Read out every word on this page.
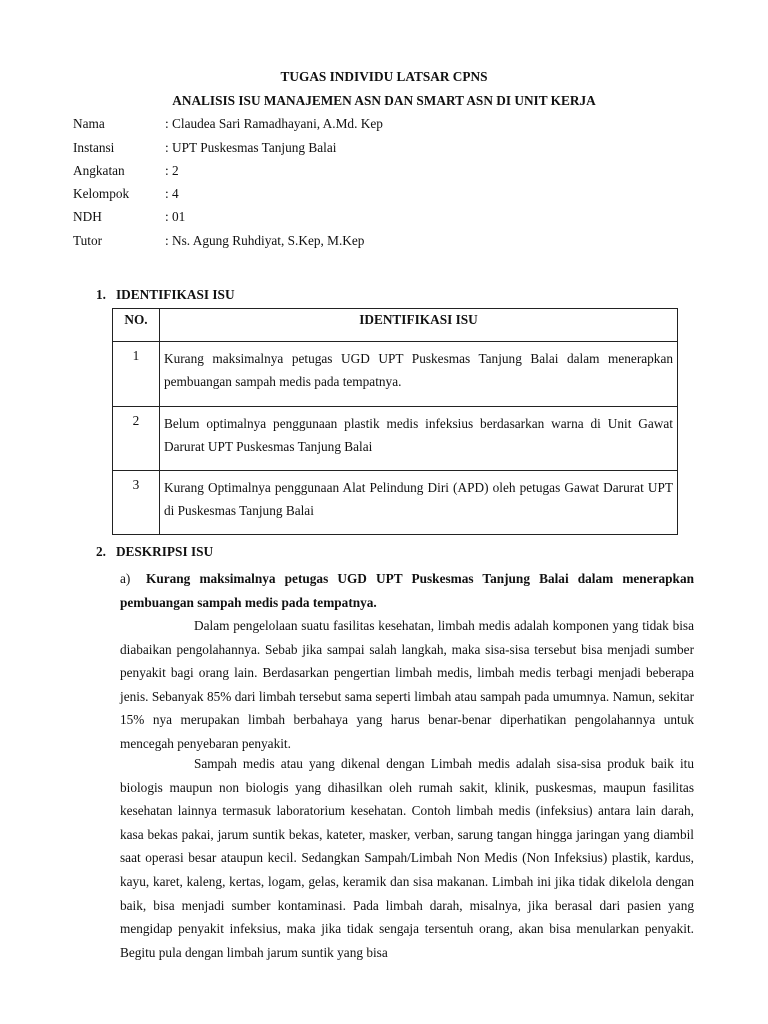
TUGAS INDIVIDU LATSAR CPNS
ANALISIS ISU MANAJEMEN ASN DAN SMART ASN DI UNIT KERJA
Nama	: Claudea Sari Ramadhayani, A.Md. Kep
Instansi	: UPT Puskesmas Tanjung Balai
Angkatan	: 2
Kelompok	: 4
NDH	: 01
Tutor	: Ns. Agung Ruhdiyat, S.Kep, M.Kep
1.   IDENTIFIKASI ISU
NO.	IDENTIFIKASI ISU
1	Kurang maksimalnya petugas UGD UPT Puskesmas Tanjung Balai dalam menerapkan pembuangan sampah medis pada tempatnya.
2	Belum optimalnya penggunaan plastik medis infeksius berdasarkan warna di Unit Gawat Darurat UPT Puskesmas Tanjung Balai
3	Kurang Optimalnya penggunaan Alat Pelindung Diri (APD) oleh petugas Gawat Darurat UPT di Puskesmas Tanjung Balai
2.   DESKRIPSI ISU
a) Kurang maksimalnya petugas UGD UPT Puskesmas Tanjung Balai dalam menerapkan pembuangan sampah medis pada tempatnya.
Dalam pengelolaan suatu fasilitas kesehatan, limbah medis adalah komponen yang tidak bisa diabaikan pengolahannya. Sebab jika sampai salah langkah, maka sisa-sisa tersebut bisa menjadi sumber penyakit bagi orang lain. Berdasarkan pengertian limbah medis, limbah medis terbagi menjadi beberapa jenis. Sebanyak 85% dari limbah tersebut sama seperti limbah atau sampah pada umumnya. Namun, sekitar 15% nya merupakan limbah berbahaya yang harus benar-benar diperhatikan pengolahannya untuk mencegah penyebaran penyakit.
Sampah medis atau yang dikenal dengan Limbah medis adalah sisa-sisa produk baik itu biologis maupun non biologis yang dihasilkan oleh rumah sakit, klinik, puskesmas, maupun fasilitas kesehatan lainnya termasuk laboratorium kesehatan. Contoh limbah medis (infeksius) antara lain darah, kasa bekas pakai, jarum suntik bekas, kateter, masker, verban, sarung tangan hingga jaringan yang diambil saat operasi besar ataupun kecil. Sedangkan Sampah/Limbah Non Medis (Non Infeksius) plastik, kardus, kayu, karet, kaleng, kertas, logam, gelas, keramik dan sisa makanan. Limbah ini jika tidak dikelola dengan baik, bisa menjadi sumber kontaminasi. Pada limbah darah, misalnya, jika berasal dari pasien yang mengidap penyakit infeksius, maka jika tidak sengaja tersentuh orang, akan bisa menularkan penyakit. Begitu pula dengan limbah jarum suntik yang bisa
